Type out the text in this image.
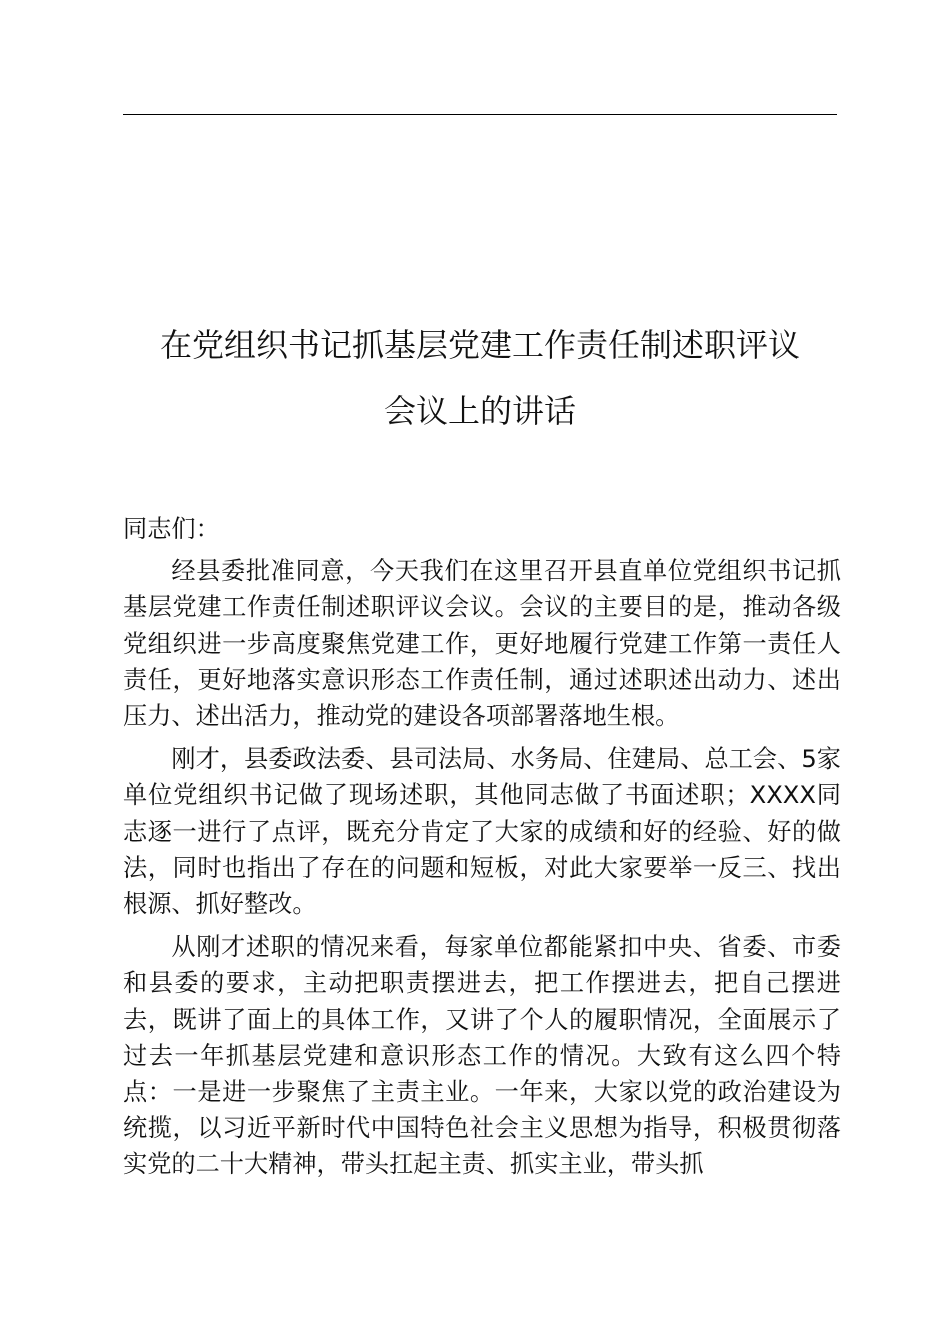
在党组织书记抓基层党建工作责任制述职评议
会议上的讲话

同志们：

经县委批准同意，今天我们在这里召开县直单位党组织书记抓基层党建工作责任制述职评议会议。会议的主要目的是，推动各级党组织进一步高度聚焦党建工作，更好地履行党建工作第一责任人责任，更好地落实意识形态工作责任制，通过述职述出动力、述出压力、述出活力，推动党的建设各项部署落地生根。

刚才，县委政法委、县司法局、水务局、住建局、总工会、5家单位党组织书记做了现场述职，其他同志做了书面述职；XXXX同志逐一进行了点评，既充分肯定了大家的成绩和好的经验、好的做法，同时也指出了存在的问题和短板，对此大家要举一反三、找出根源、抓好整改。

从刚才述职的情况来看，每家单位都能紧扣中央、省委、市委和县委的要求，主动把职责摆进去，把工作摆进去，把自己摆进去，既讲了面上的具体工作，又讲了个人的履职情况，全面展示了过去一年抓基层党建和意识形态工作的情况。大致有这么四个特点：一是进一步聚焦了主责主业。一年来，大家以党的政治建设为统揽，以习近平新时代中国特色社会主义思想为指导，积极贯彻落实党的二十大精神，带头扛起主责、抓实主业，带头抓
